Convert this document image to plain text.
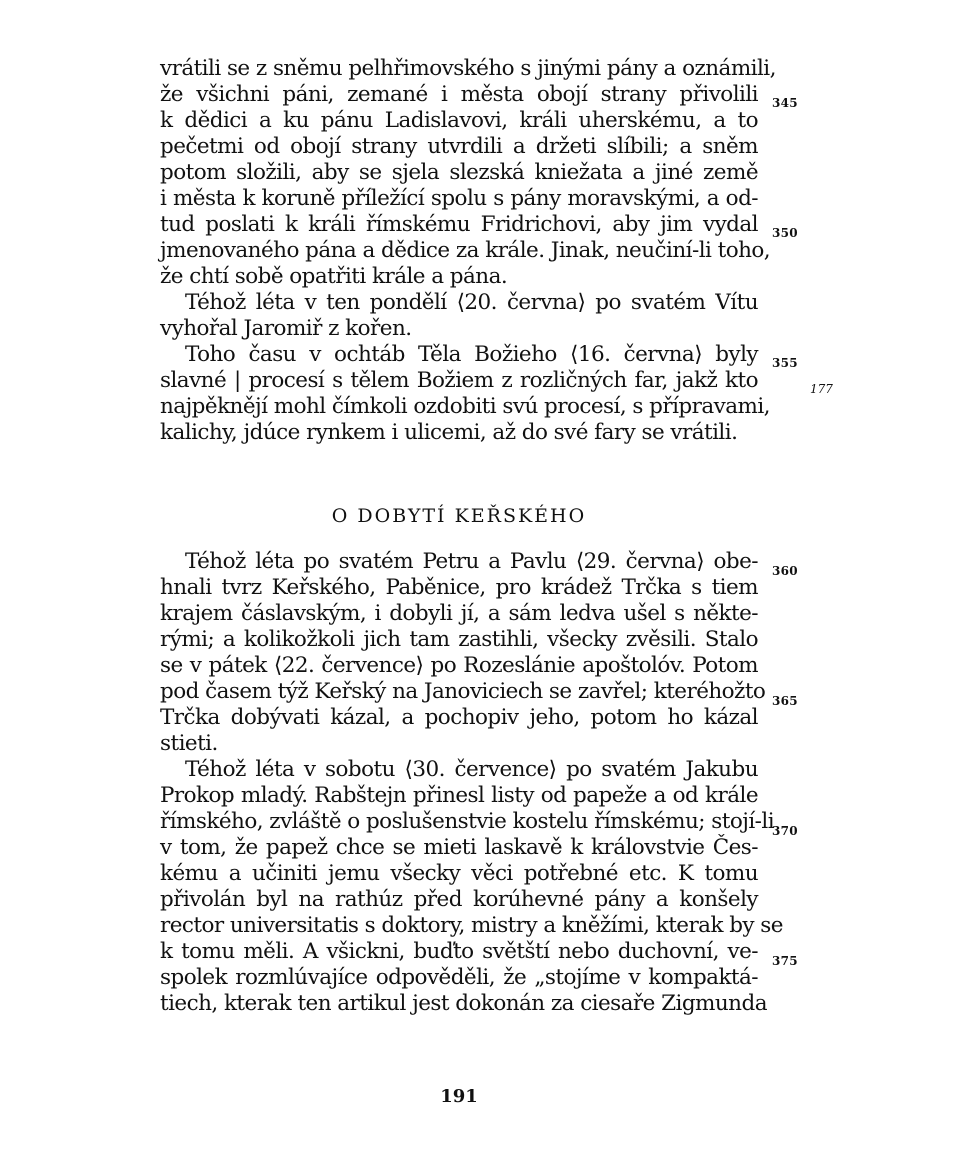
vrátili se z sněmu pelhřimovského s jinými pány a oznámili,
že všichni páni, zemané i města obojí strany přivolili
k dědici a ku pánu Ladislavovi, králi uherskému, a to
pečetmi od obojí strany utvrdili a držeti slíbili; a sněm
potom složili, aby se sjela slezská kniežata a jiné země
i města k koruně příležící spolu s pány moravskými, a od-
tud poslati k králi římskému Fridrichovi, aby jim vydal
jmenovaného pána a dědice za krále. Jinak, neučiní-li toho,
že chtí sobě opatřiti krále a pána.
Téhož léta v ten pondělí ⟨20. června⟩ po svatém Vítu
vyhořal Jaromiř z kořen.
Toho času v ochtáb Těla Božieho ⟨16. června⟩ byly
slavné | procesí s tělem Božiem z rozličných far, jakž kto
najpěknějí mohl čímkoli ozdobiti svú procesí, s přípravami,
kalichy, jdúce rynkem i ulicemi, až do své fary se vrátili.
O DOBYTÍ KEŘSKÉHO
Téhož léta po svatém Petru a Pavlu ⟨29. června⟩ obe-
hnali tvrz Keřského, Paběnice, pro krádež Trčka s tiem
krajem čáslavským, i dobyli jí, a sám ledva ušel s někte-
rými; a kolikožkoli jich tam zastihli, všecky zvěsili. Stalo
se v pátek ⟨22. července⟩ po Rozeslánie apoštolóv. Potom
pod časem týž Keřský na Janoviciech se zavřel; kteréhožto
Trčka dobývati kázal, a pochopiv jeho, potom ho kázal
stieti.
Téhož léta v sobotu ⟨30. července⟩ po svatém Jakubu
Prokop mladý. Rabštejn přinesl listy od papeže a od krále
římského, zvláště o poslušenstvie kostelu římskému; stojí-li
v tom, že papež chce se mieti laskavě k královstvie Čes-
kému a učiniti jemu všecky věci potřebné etc. K tomu
přivolán byl na rathúz před korúhevné pány a konšely
rector universitatis s doktory, mistry a kněžími, kterak by se
k tomu měli. A všickni, buďto světští nebo duchovní, ve-
spolek rozmlúvajíce odpověděli, že „stojíme v kompaktá-
tiech, kterak ten artikul jest dokonán za ciesaře Zigmunda
345
350
355
177
360
365
370
375
191
